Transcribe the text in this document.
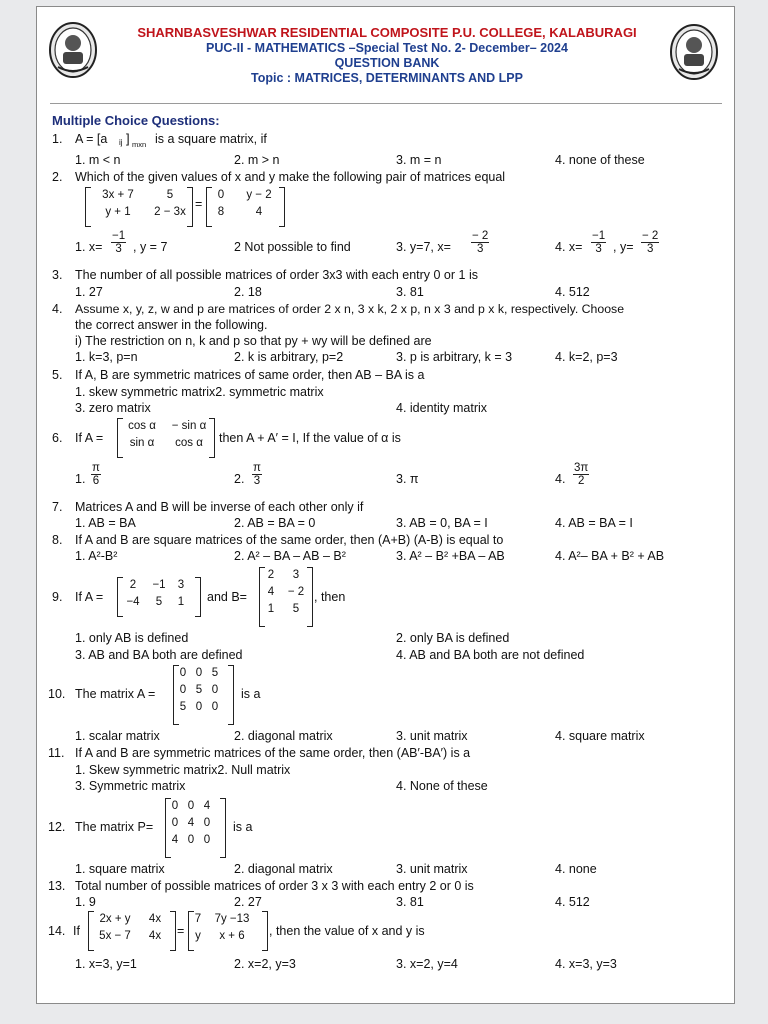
SHARNBASVESHWAR RESIDENTIAL COMPOSITE P.U. COLLEGE, KALABURAGI
PUC-II - MATHEMATICS –Special Test No. 2- December– 2024
QUESTION BANK
Topic : MATRICES, DETERMINANTS AND LPP
Multiple Choice Questions:
1. A = [a ij ] mxn is a square matrix, if
1. m < n	2. m > n	3. m = n	4. none of these
2. Which of the given values of x and y make the following pair of matrices equal
3x + 7	5
y + 1	2 − 3x
=
0	y − 2
8	4
1. $x= \frac{-1}{3}$ , y = 7	2 Not possible to find	3. y=7, $x= \frac{- 2}{3}$	4. $x= \frac{-1}{3}$ , $y= \frac{- 2}{3}$
3. The number of all possible matrices of order 3x3 with each entry 0 or 1 is
1. 27	2. 18	3. 81	4. 512
4. Assume x, y, z, w and p are matrices of order 2 x n, 3 x k, 2 x p, n x 3 and p x k, respectively. Choose
the correct answer in the following.
i) The restriction on n, k and p so that py + wy will be defined are
1. k=3, p=n	2. k is arbitrary, p=2	3. p is arbitrary, k = 3	4. k=2, p=3
5. If A, B are symmetric matrices of same order, then AB – BA is a
1. skew symmetric matrix2. symmetric matrix
3. zero matrix	4. identity matrix
6. If A =
cos α	− sin α
sin α	cos α	then A + A′ = I, If the value of α is
1. $\frac{\pi}{6}$	2. $\frac{\pi}{3}$	3. π	4. $\frac{3\pi}{2}$
7. Matrices A and B will be inverse of each other only if
1. AB = BA	2. AB = BA = 0	3. AB = 0, BA = I	4. AB = BA = I
8. If A and B are square matrices of the same order, then (A+B) (A-B) is equal to
1. A²-B²	2. A² – BA – AB – B²	3. A² – B² +BA – AB	4. A²– BA + B² + AB
9. If A =
2	−1	3
−4	5	1	and B=
2	3
4	− 2
1	5
, then
1. only AB is defined	2. only BA is defined
3. AB and BA both are defined	4. AB and BA both are not defined
10. The matrix A =
0 0 5
0 5 0
5 0 0
is a
1. scalar matrix	2. diagonal matrix	3. unit matrix	4. square matrix
11. If A and B are symmetric matrices of the same order, then (AB′-BA′) is a
1. Skew symmetric matrix2. Null matrix
3. Symmetric matrix	4. None of these
12. The matrix P=
0 0 4
0 4 0
4 0 0
is a
1. square matrix	2. diagonal matrix	3. unit matrix	4. none
13. Total number of possible matrices of order 3 x 3 with each entry 2 or 0 is
1. 9	2. 27	3. 81	4. 512
14. If
2x + y	4x
5x − 7	4x	=
7	7y −13
y	x + 6	, then the value of x and y is
1. x=3, y=1	2. x=2, y=3	3. x=2, y=4	4. x=3, y=3
